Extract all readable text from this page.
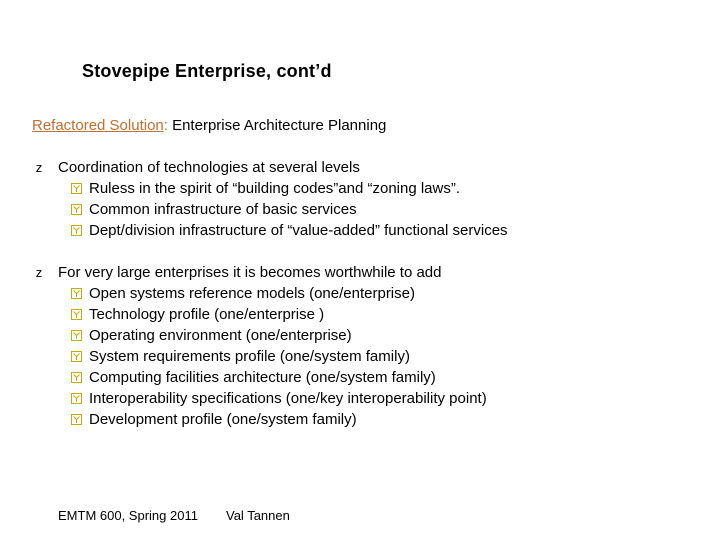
Stovepipe Enterprise, cont’d
Refactored Solution: Enterprise Architecture Planning
z Coordination of technologies at several levels
Ruless in the spirit of “building codes”and “zoning laws”.
Common infrastructure of basic services
Dept/division infrastructure of “value-added” functional services
z For very large enterprises it is becomes worthwhile to add
Open systems reference models (one/enterprise)
Technology profile (one/enterprise )
Operating environment (one/enterprise)
System requirements profile (one/system family)
Computing facilities architecture (one/system family)
Interoperability specifications (one/key interoperability point)
Development profile (one/system family)
EMTM 600, Spring 2011 Val Tannen
